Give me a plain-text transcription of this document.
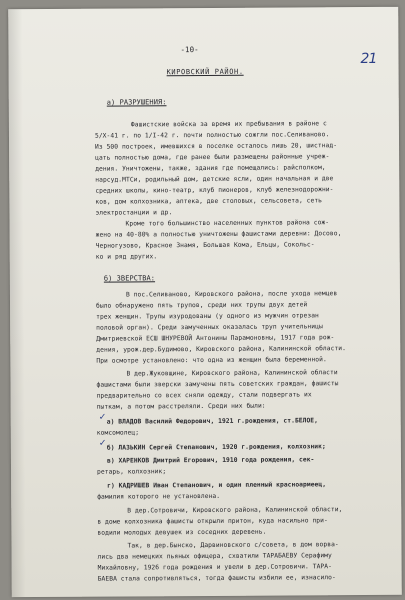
-10-
21
КИРОВСКИЙ РАЙОН.
а) РАЗРУШЕНИЯ:
Фашистские войска за время их пребывания в районе с
5/X-41 г. по 1/I-42 г. почти полностью сожгли пос.Селиваново.
Из 500 построек, имевшихся в поселке осталось лишь 20, шистнад-
цать полностью дома, где ранее были размещены районные учреж-
дения. Уничтожены, также, здания где помещались: райсполком,
нарсуд.МТСи, родильный дом, детские ясли, один начальная и две
средних школы, кино-театр, клуб пионеров, клуб железнодорожни-
ков, дом колхозника, аптека, две столовых, сельсовета, сеть
электростанции и др.
Кроме того большинство населенных пунктов района сож-
жено на 40-80% а полностью уничтожены фашистами деревни: Досово,
Черногузово, Красное Знамя, Большая Кома, Ельцы, Сокольс-
ко и ряд других.
б) ЗВЕРСТВА:
В пос.Селиваново, Кировского района, после ухода немцев
было обнаружено пять трупов, среди них трупы двух детей
трех женщин. Трупы изуродованы (у одного из мужчин отрезан
половой орган). Среди замученных оказалась труп учительницы
Дмитриевской ЕСШ ШНУРЕВОЙ Антонины Парамоновны, 1917 года рож-
дения, урож.дер.Будимово, Кировского района, Калининской области.
При осмотре установлено: что одна из женщин была беременной.
В дер.Жуковщине, Кировского района, Калининской области
фашистами были зверски замучены пять советских граждан, фашисты
предварительно со всех сняли одежду, стали подвергать их
пыткам, а потом расстреляли. Среди них были:
а) ВЛАДОВ Василий Федорович, 1921 г.рождения, ст.БЕЛОЕ,
комсомолец;
б) ЛАЗЬКИН Сергей Степанович, 1920 г.рождения, колхозник;
в) ХАРЕНКОВ Дмитрий Егорович, 1910 года рождения, сек-
ретарь, колхозник;
г) КАДРИШЕВ Иван Степанович, и один пленный красноармеец,
фамилия которого не установлена.
В дер.Сотровичи, Кировского района, Калининской области,
в доме колхозника фашисты открыли притон, куда насильно при-
водили молодых девушек из соседних деревень.
Так, в дер.Бынско, Дарвиновского с/совета, в дом ворва-
лись два немецких пьяных офицера, схватили ТАРАБАЕВУ Серафиму
Михайловну, 1926 года рождения и увели в дер.Сотровичи. ТАРА-
БАЕВА стала сопротивляться, тогда фашисты избили ее, изнасило-
✓
✓
